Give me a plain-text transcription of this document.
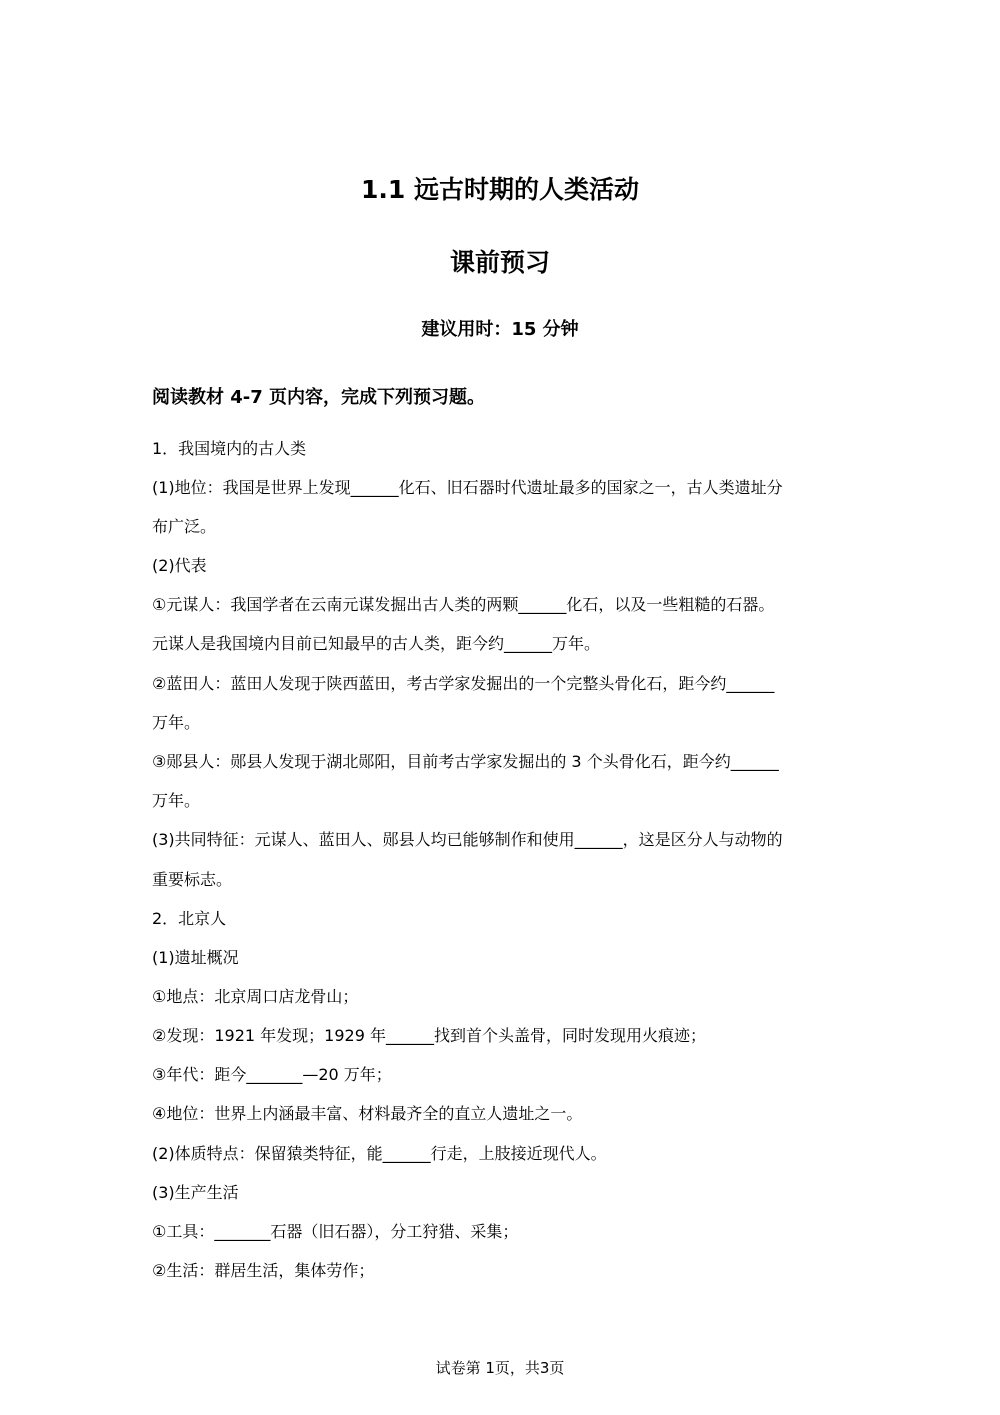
1.1 远古时期的人类活动
课前预习
建议用时：15 分钟
阅读教材 4-7 页内容，完成下列预习题。
1．我国境内的古人类
(1)地位：我国是世界上发现______化石、旧石器时代遗址最多的国家之一，古人类遗址分
布广泛。
(2)代表
①元谋人：我国学者在云南元谋发掘出古人类的两颗______化石，以及一些粗糙的石器。
元谋人是我国境内目前已知最早的古人类，距今约______万年。
②蓝田人：蓝田人发现于陕西蓝田，考古学家发掘出的一个完整头骨化石，距今约______
万年。
③郧县人：郧县人发现于湖北郧阳，目前考古学家发掘出的 3 个头骨化石，距今约______
万年。
(3)共同特征：元谋人、蓝田人、郧县人均已能够制作和使用______，这是区分人与动物的
重要标志。
2．北京人
(1)遗址概况
①地点：北京周口店龙骨山；
②发现：1921 年发现；1929 年______找到首个头盖骨，同时发现用火痕迹；
③年代：距今_______—20 万年；
④地位：世界上内涵最丰富、材料最齐全的直立人遗址之一。
(2)体质特点：保留猿类特征，能______行走，上肢接近现代人。
(3)生产生活
①工具：_______石器（旧石器），分工狩猎、采集；
②生活：群居生活，集体劳作；
试卷第 1页，共3页
